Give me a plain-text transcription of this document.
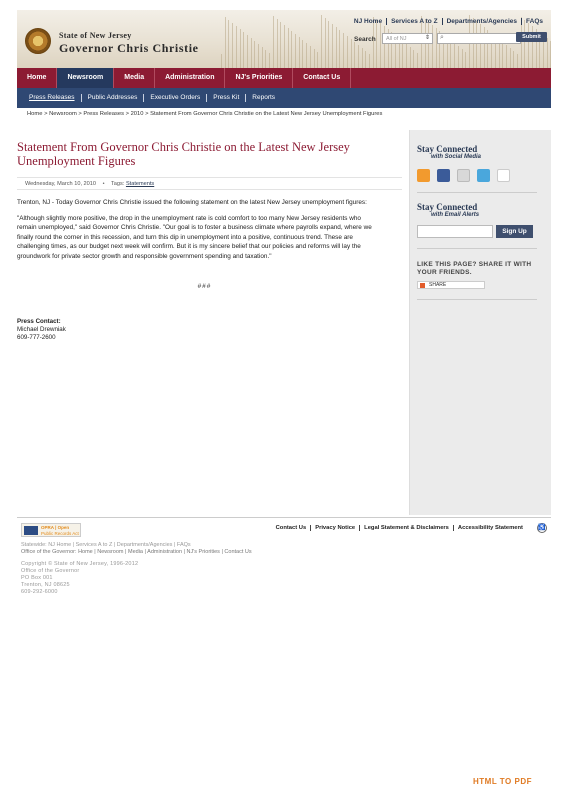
State of New Jersey
Governor Chris Christie
NJ Home	Services A to Z	Departments/Agencies	FAQs
Search	All of NJ	⇕ ⌕	Submit
Home	Newsroom	Media	Administration	NJ's Priorities	Contact Us
Press Releases	Public Addresses	Executive Orders	Press Kit	Reports
Home > Newsroom > Press Releases > 2010 > Statement From Governor Chris Christie on the Latest New Jersey Unemployment Figures
Statement From Governor Chris Christie on the Latest New Jersey Unemployment Figures
Wednesday, March 10, 2010 • Tags: Statements

Trenton, NJ - Today Governor Chris Christie issued the following statement on the latest New Jersey unemployment figures:

"Although slightly more positive, the drop in the unemployment rate is cold comfort to too many New Jersey residents who remain unemployed," said Governor Chris Christie. "Our goal is to foster a business climate where payrolls expand, where we finally round the corner in this recession, and turn this dip in unemployment into a positive, continuous trend. These are challenging times, as our budget next week will confirm. But it is my sincere belief that our policies and reforms will lay the groundwork for private sector growth and responsible government spending and taxation."

###
Press Contact:
Michael Drewniak
609-777-2600
Stay Connected
with Social Media
Stay Connected
with Email Alerts
Sign Up
LIKE THIS PAGE? SHARE IT WITH YOUR FRIENDS.
SHARE
OPRA | Open
Public Records Act
Contact Us	Privacy Notice	Legal Statement & Disclaimers	Accessibility Statement	♿
Statewide: NJ Home | Services A to Z | Departments/Agencies | FAQs
Office of the Governor: Home | Newsroom | Media | Administration | NJ's Priorities | Contact Us
Copyright © State of New Jersey, 1996-2012
Office of the Governor
PO Box 001
Trenton, NJ 08625
609-292-6000
HTML TO PDF
